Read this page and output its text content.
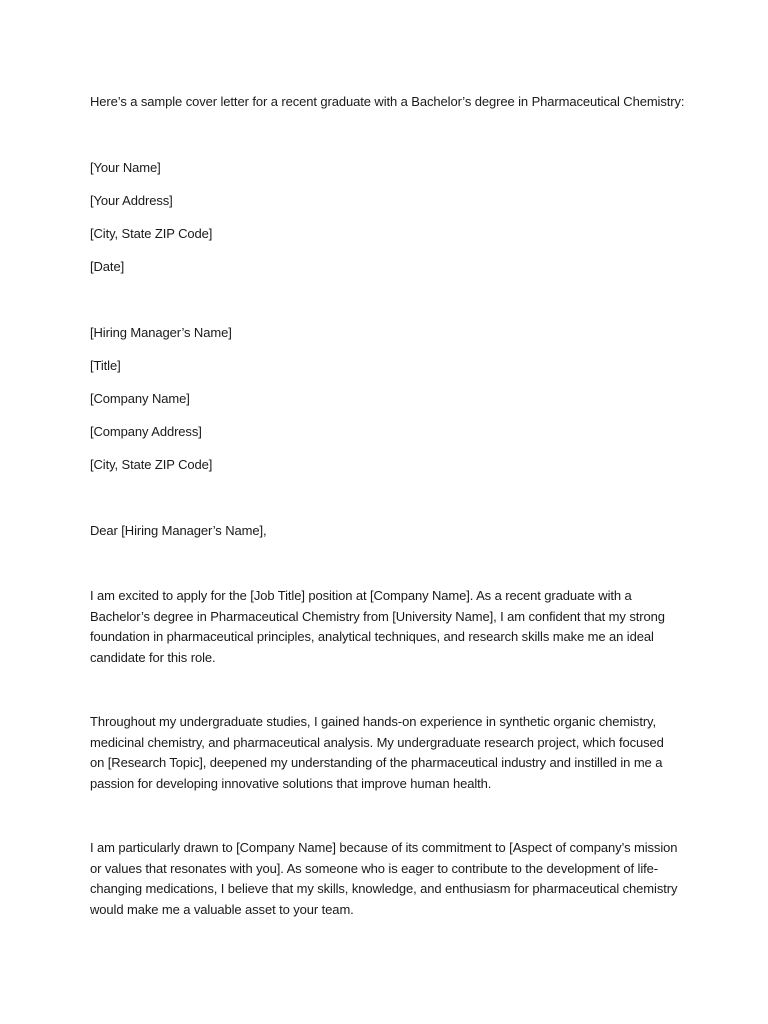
Here’s a sample cover letter for a recent graduate with a Bachelor’s degree in Pharmaceutical Chemistry:
[Your Name]
[Your Address]
[City, State ZIP Code]
[Date]
[Hiring Manager’s Name]
[Title]
[Company Name]
[Company Address]
[City, State ZIP Code]
Dear [Hiring Manager’s Name],
I am excited to apply for the [Job Title] position at [Company Name]. As a recent graduate with a
Bachelor’s degree in Pharmaceutical Chemistry from [University Name], I am confident that my strong
foundation in pharmaceutical principles, analytical techniques, and research skills make me an ideal
candidate for this role.
Throughout my undergraduate studies, I gained hands-on experience in synthetic organic chemistry,
medicinal chemistry, and pharmaceutical analysis. My undergraduate research project, which focused
on [Research Topic], deepened my understanding of the pharmaceutical industry and instilled in me a
passion for developing innovative solutions that improve human health.
I am particularly drawn to [Company Name] because of its commitment to [Aspect of company’s mission
or values that resonates with you]. As someone who is eager to contribute to the development of life-
changing medications, I believe that my skills, knowledge, and enthusiasm for pharmaceutical chemistry
would make me a valuable asset to your team.
